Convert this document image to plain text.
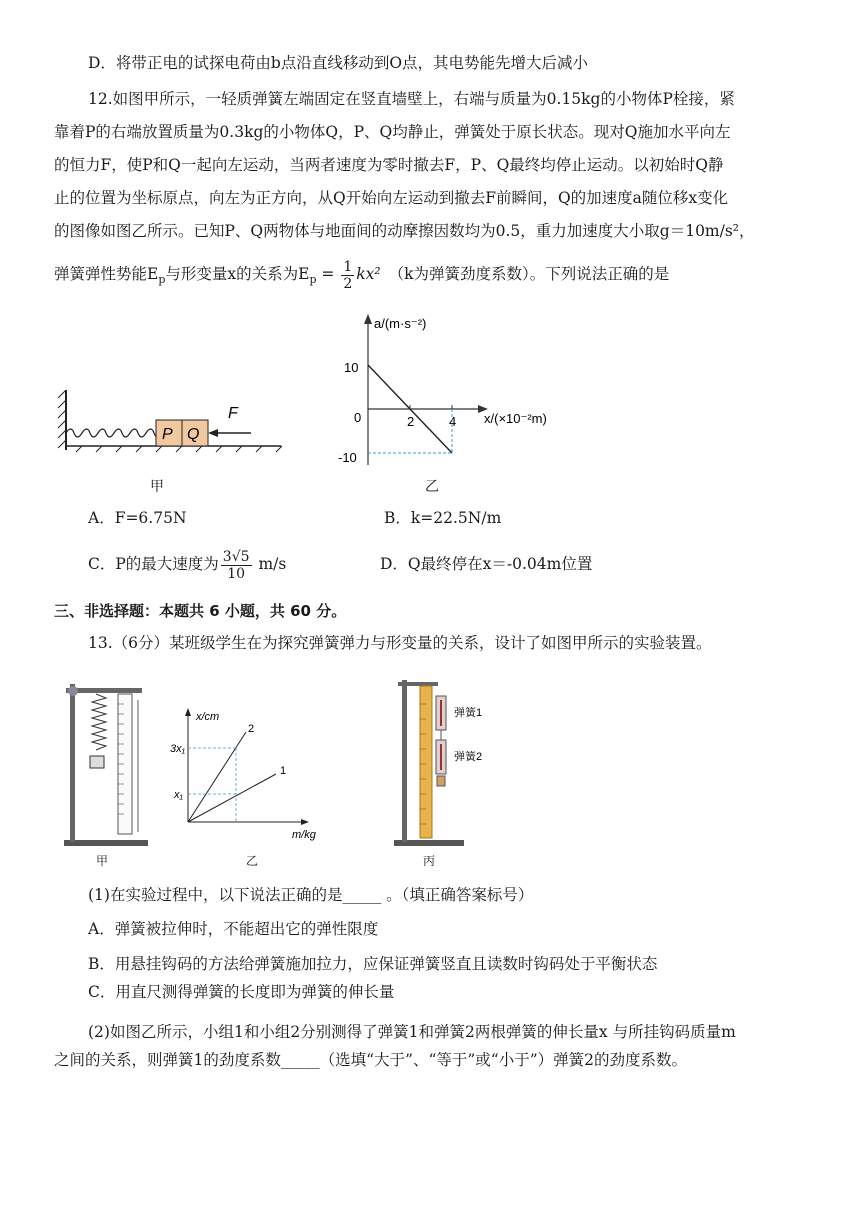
D．将带正电的试探电荷由b点沿直线移动到O点，其电势能先增大后减小
12.如图甲所示，一轻质弹簧左端固定在竖直墙壁上，右端与质量为0.15kg的小物体P栓接，紧
靠着P的右端放置质量为0.3kg的小物体Q，P、Q均静止，弹簧处于原长状态。现对Q施加水平向左
的恒力F，使P和Q一起向左运动，当两者速度为零时撤去F，P、Q最终均停止运动。以初始时Q静
止的位置为坐标原点，向左为正方向，从Q开始向左运动到撤去F前瞬间，Q的加速度a随位移x变化
的图像如图乙所示。已知P、Q两物体与地面间的动摩擦因数均为0.5，重力加速度大小取g＝10m/s²，
弹簧弹性势能$E_p$与形变量x的关系为$E_p = \frac{1}{2} kx^2$ （k为弹簧劲度系数）。下列说法正确的是
P Q
F
甲
a/(m·s⁻²)
x/(×10⁻²m)
10
0
-10
2	4
乙
A．F=6.75N	B．k=22.5N/m
C．P的最大速度为 $\frac{3√5}{10} m/s$	D．Q最终停在x＝-0.04m位置
三、非选择题：本题共 6 小题，共 60 分。
13.（6分）某班级学生在为探究弹簧弹力与形变量的关系，设计了如图甲所示的实验装置。
甲
x/cm
m/kg
3x₁
x₁
2
1
乙
弹簧1
弹簧2
丙
(1)在实验过程中，以下说法正确的是_____ 。（填正确答案标号）
A．弹簧被拉伸时，不能超出它的弹性限度
B．用悬挂钩码的方法给弹簧施加拉力，应保证弹簧竖直且读数时钩码处于平衡状态
C．用直尺测得弹簧的长度即为弹簧的伸长量
(2)如图乙所示，小组1和小组2分别测得了弹簧1和弹簧2两根弹簧的伸长量x 与所挂钩码质量m
之间的关系，则弹簧1的劲度系数_____（选填“大于”、“等于”或“小于”）弹簧2的劲度系数。
